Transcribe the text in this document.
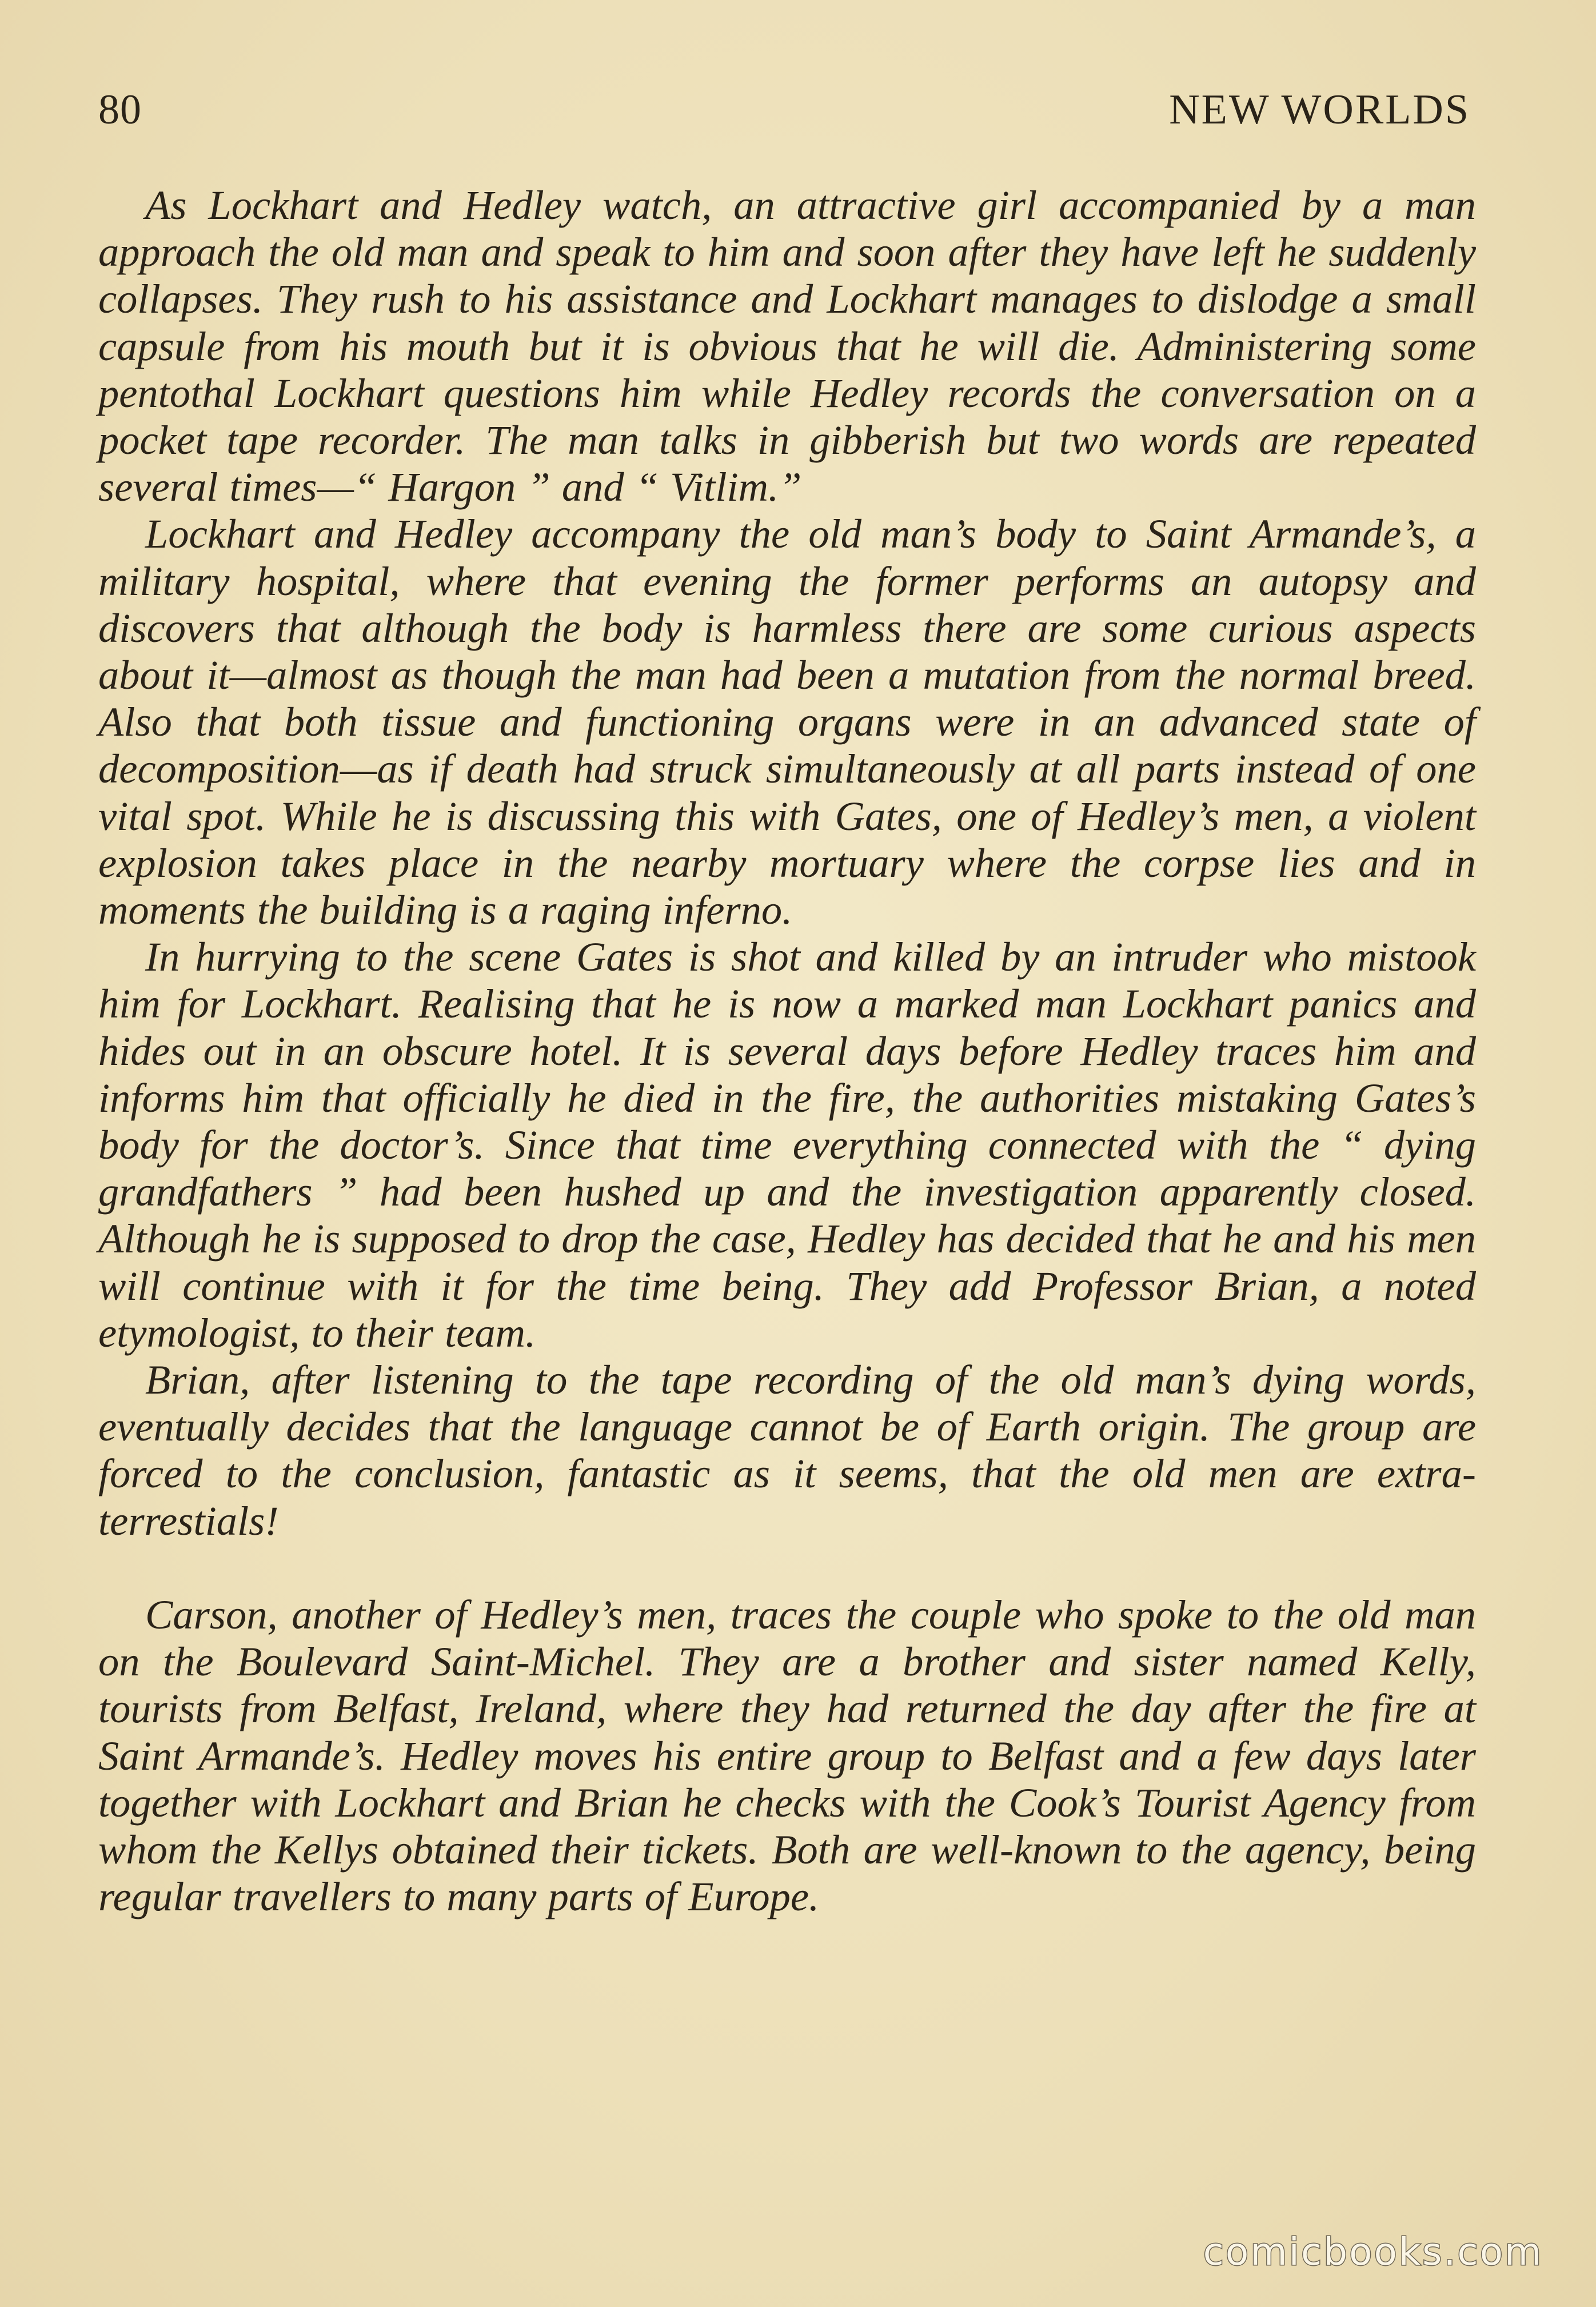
80	NEW WORLDS

As Lockhart and Hedley watch, an attractive girl accompanied by a man approach the old man and speak to him and soon after they have left he suddenly collapses. They rush to his assistance and Lockhart manages to dislodge a small capsule from his mouth but it is obvious that he will die. Administering some pentothal Lockhart questions him while Hedley records the conversation on a pocket tape recorder. The man talks in gibberish but two words are repeated several times—“ Hargon ” and “ Vitlim.”

Lockhart and Hedley accompany the old man’s body to Saint Armande’s, a military hospital, where that evening the former performs an autopsy and discovers that although the body is harmless there are some curious aspects about it—almost as though the man had been a mutation from the normal breed. Also that both tissue and functioning organs were in an advanced state of decomposition—as if death had struck simultaneously at all parts instead of one vital spot. While he is discussing this with Gates, one of Hedley’s men, a violent explosion takes place in the nearby mortuary where the corpse lies and in moments the building is a raging inferno.

In hurrying to the scene Gates is shot and killed by an intruder who mistook him for Lockhart. Realising that he is now a marked man Lockhart panics and hides out in an obscure hotel. It is several days before Hedley traces him and informs him that officially he died in the fire, the authorities mistaking Gates’s body for the doctor’s. Since that time everything connected with the “ dying grandfathers ” had been hushed up and the investigation apparently closed. Although he is supposed to drop the case, Hedley has decided that he and his men will continue with it for the time being. They add Professor Brian, a noted etymologist, to their team.

Brian, after listening to the tape recording of the old man’s dying words, eventually decides that the language cannot be of Earth origin. The group are forced to the conclusion, fantastic as it seems, that the old men are extra-terrestials!

Carson, another of Hedley’s men, traces the couple who spoke to the old man on the Boulevard Saint-Michel. They are a brother and sister named Kelly, tourists from Belfast, Ireland, where they had returned the day after the fire at Saint Armande’s. Hedley moves his entire group to Belfast and a few days later together with Lockhart and Brian he checks with the Cook’s Tourist Agency from whom the Kellys obtained their tickets. Both are well-known to the agency, being regular travellers to many parts of Europe.

comicbooks.com
